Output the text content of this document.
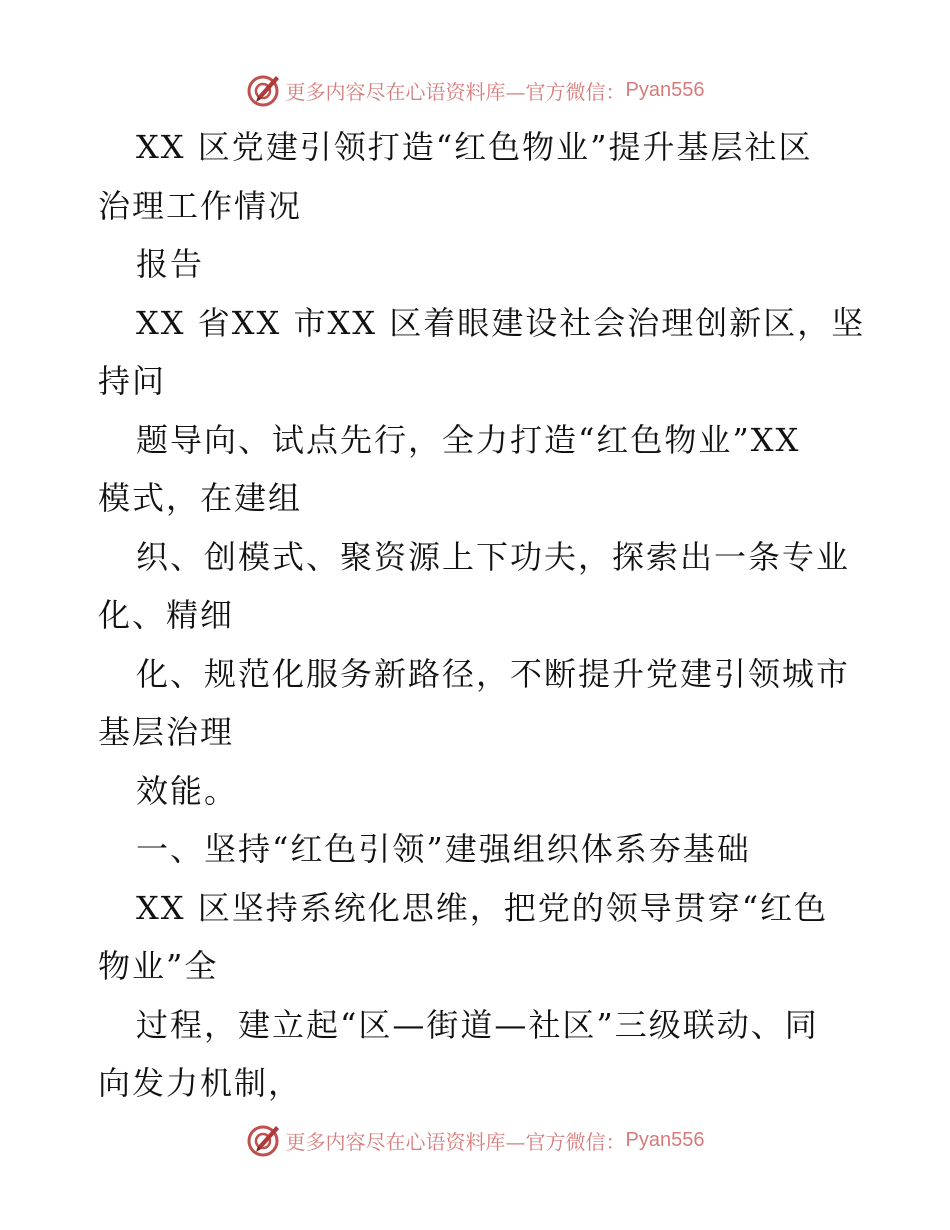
更多内容尽在心语资料库—官方微信： Pyan556
XX 区党建引领打造“红色物业”提升基层社区
治理工作情况
报告
XX 省XX 市XX 区着眼建设社会治理创新区，坚
持问
题导向、试点先行，全力打造“红色物业”XX
模式，在建组
织、创模式、聚资源上下功夫，探索出一条专业
化、精细
化、规范化服务新路径，不断提升党建引领城市
基层治理
效能。
一、坚持“红色引领”建强组织体系夯基础
XX 区坚持系统化思维，把党的领导贯穿“红色
物业”全
过程，建立起“区—街道—社区”三级联动、同
向发力机制，
更多内容尽在心语资料库—官方微信： Pyan556
